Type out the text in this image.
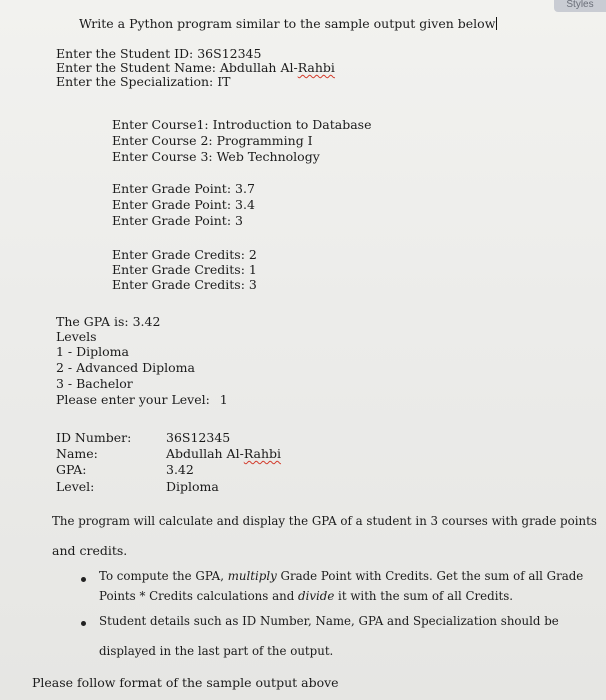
Styles
Write a Python program similar to the sample output given below
Enter the Student ID: 36S12345
Enter the Student Name: Abdullah Al-Rahbi
Enter the Specialization: IT
Enter Course1: Introduction to Database
Enter Course 2: Programming I
Enter Course 3: Web Technology
Enter Grade Point: 3.7
Enter Grade Point: 3.4
Enter Grade Point: 3
Enter Grade Credits: 2
Enter Grade Credits: 1
Enter Grade Credits: 3
The GPA is: 3.42
Levels
1 - Diploma
2 - Advanced Diploma
3 - Bachelor
Please enter your Level: 1
ID Number:	36S12345
Name:	Abdullah Al-Rahbi
GPA:	3.42
Level:	Diploma
The program will calculate and display the GPA of a student in 3 courses with grade points
and credits.
To compute the GPA, multiply Grade Point with Credits. Get the sum of all Grade
Points * Credits calculations and divide it with the sum of all Credits.
Student details such as ID Number, Name, GPA and Specialization should be
displayed in the last part of the output.
Please follow format of the sample output above
